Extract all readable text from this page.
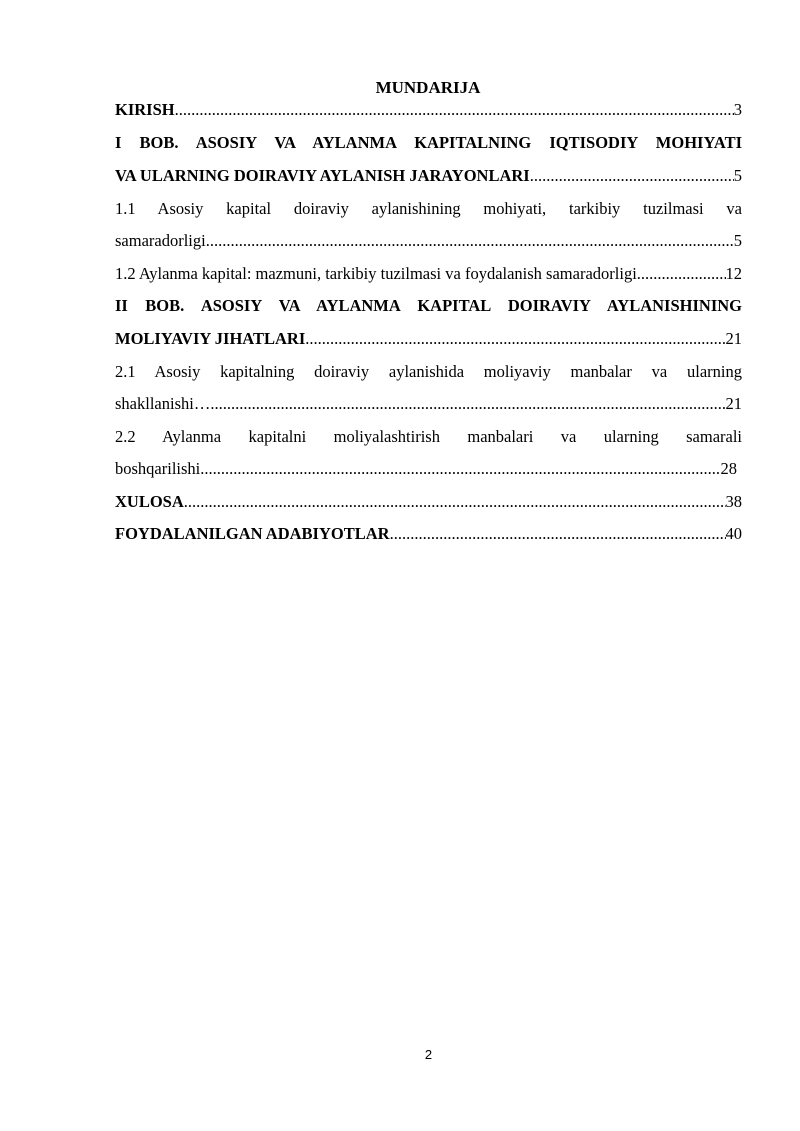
MUNDARIJA
KIRISH .....	3
I BOB. ASOSIY VA AYLANMA KAPITALNING IQTISODIY MOHIYATI
VA ULARNING DOIRAVIY AYLANISH JARAYONLARI .....	5
1.1 Asosiy kapital doiraviy aylanishining mohiyati, tarkibiy tuzilmasi va
samaradorligi .....	5
1.2 Aylanma kapital: mazmuni, tarkibiy tuzilmasi va foydalanish samaradorligi .....	12
II BOB. ASOSIY VA AYLANMA KAPITAL DOIRAVIY AYLANISHINING
MOLIYAVIY JIHATLARI .....	21
2.1 Asosiy kapitalning doiraviy aylanishida moliyaviy manbalar va ularning
shakllanishi… .....	21
2.2 Aylanma kapitalni moliyalashtirish manbalari va ularning samarali
boshqarilishi .....	28
XULOSA .....	38
FOYDALANILGAN ADABIYOTLAR .....	40
2
